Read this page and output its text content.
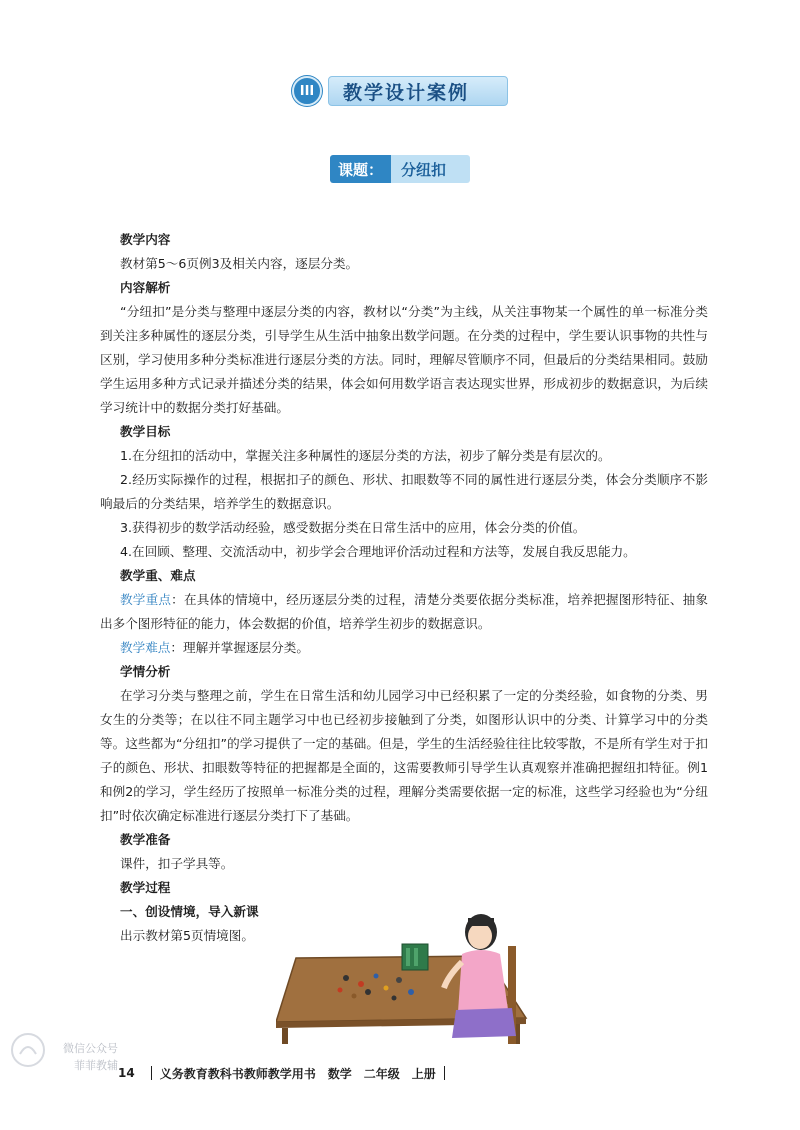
III	教学设计案例
课题：	分纽扣

教学内容

教材第5～6页例3及相关内容，逐层分类。

内容解析

“分纽扣”是分类与整理中逐层分类的内容，教材以“分类”为主线，从关注事物某一个属性的单一标准分类到关注多种属性的逐层分类，引导学生从生活中抽象出数学问题。在分类的过程中，学生要认识事物的共性与区别，学习使用多种分类标准进行逐层分类的方法。同时，理解尽管顺序不同，但最后的分类结果相同。鼓励学生运用多种方式记录并描述分类的结果，体会如何用数学语言表达现实世界，形成初步的数据意识，为后续学习统计中的数据分类打好基础。

教学目标

1.在分纽扣的活动中，掌握关注多种属性的逐层分类的方法，初步了解分类是有层次的。

2.经历实际操作的过程，根据扣子的颜色、形状、扣眼数等不同的属性进行逐层分类，体会分类顺序不影响最后的分类结果，培养学生的数据意识。

3.获得初步的数学活动经验，感受数据分类在日常生活中的应用，体会分类的价值。

4.在回顾、整理、交流活动中，初步学会合理地评价活动过程和方法等，发展自我反思能力。

教学重、难点

教学重点：在具体的情境中，经历逐层分类的过程，清楚分类要依据分类标准，培养把握图形特征、抽象出多个图形特征的能力，体会数据的价值，培养学生初步的数据意识。

教学难点：理解并掌握逐层分类。

学情分析

在学习分类与整理之前，学生在日常生活和幼儿园学习中已经积累了一定的分类经验，如食物的分类、男女生的分类等；在以往不同主题学习中也已经初步接触到了分类，如图形认识中的分类、计算学习中的分类等。这些都为“分纽扣”的学习提供了一定的基础。但是，学生的生活经验往往比较零散，不是所有学生对于扣子的颜色、形状、扣眼数等特征的把握都是全面的，这需要教师引导学生认真观察并准确把握纽扣特征。例1和例2的学习，学生经历了按照单一标准分类的过程，理解分类需要依据一定的标准，这些学习经验也为“分纽扣”时依次确定标准进行逐层分类打下了基础。

教学准备

课件，扣子学具等。

教学过程

一、创设情境，导入新课

出示教材第5页情境图。

微信公众号
菲菲教辅
14 义务教育教科书教师教学用书 数学 二年级 上册
